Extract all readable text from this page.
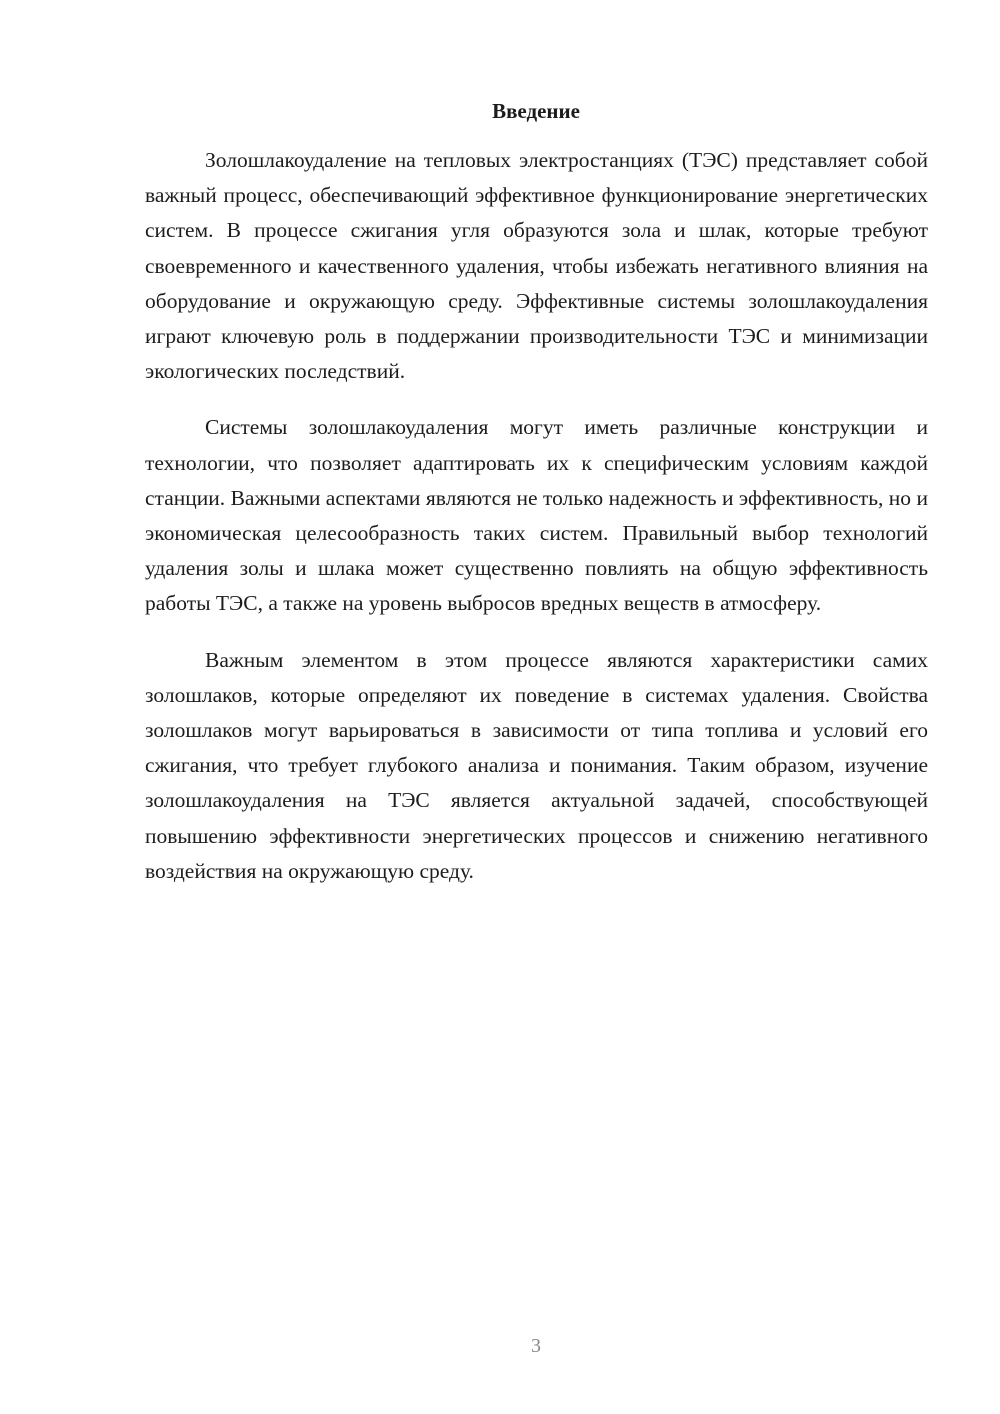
Введение

Золошлакоудаление на тепловых электростанциях (ТЭС) представляет собой важный процесс, обеспечивающий эффективное функционирование энергетических систем. В процессе сжигания угля образуются зола и шлак, которые требуют своевременного и качественного удаления, чтобы избежать негативного влияния на оборудование и окружающую среду. Эффективные системы золошлакоудаления играют ключевую роль в поддержании производительности ТЭС и минимизации экологических последствий.

Системы золошлакоудаления могут иметь различные конструкции и технологии, что позволяет адаптировать их к специфическим условиям каждой станции. Важными аспектами являются не только надежность и эффективность, но и экономическая целесообразность таких систем. Правильный выбор технологий удаления золы и шлака может существенно повлиять на общую эффективность работы ТЭС, а также на уровень выбросов вредных веществ в атмосферу.

Важным элементом в этом процессе являются характеристики самих золошлаков, которые определяют их поведение в системах удаления. Свойства золошлаков могут варьироваться в зависимости от типа топлива и условий его сжигания, что требует глубокого анализа и понимания. Таким образом, изучение золошлакоудаления на ТЭС является актуальной задачей, способствующей повышению эффективности энергетических процессов и снижению негативного воздействия на окружающую среду.

3
